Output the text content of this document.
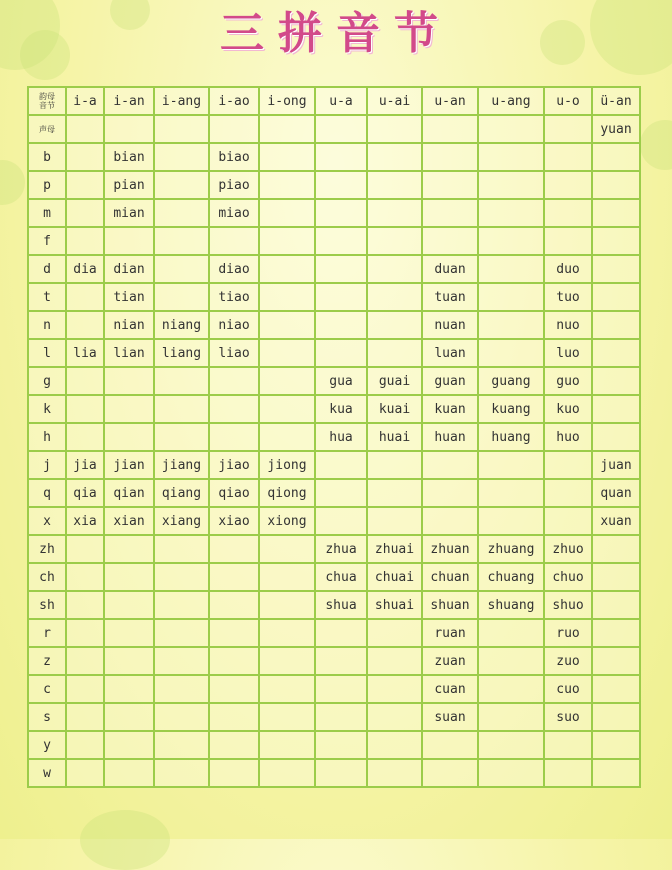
三拼音节
韵母
音节	i-a	i-an	i-ang	i-ao	i-ong	u-a	u-ai	u-an	u-ang	u-o	ü-an
声母											yuan
b		bian		biao							
p		pian		piao							
m		mian		miao							
f											
d	dia	dian		diao				duan		duo	
t		tian		tiao				tuan		tuo	
n		nian	niang	niao				nuan		nuo	
l	lia	lian	liang	liao				luan		luo	
g						gua	guai	guan	guang	guo	
k						kua	kuai	kuan	kuang	kuo	
h						hua	huai	huan	huang	huo	
j	jia	jian	jiang	jiao	jiong						juan
q	qia	qian	qiang	qiao	qiong						quan
x	xia	xian	xiang	xiao	xiong						xuan
zh						zhua	zhuai	zhuan	zhuang	zhuo	
ch						chua	chuai	chuan	chuang	chuo	
sh						shua	shuai	shuan	shuang	shuo	
r								ruan		ruo	
z								zuan		zuo	
c								cuan		cuo	
s								suan		suo	
y											
w											
